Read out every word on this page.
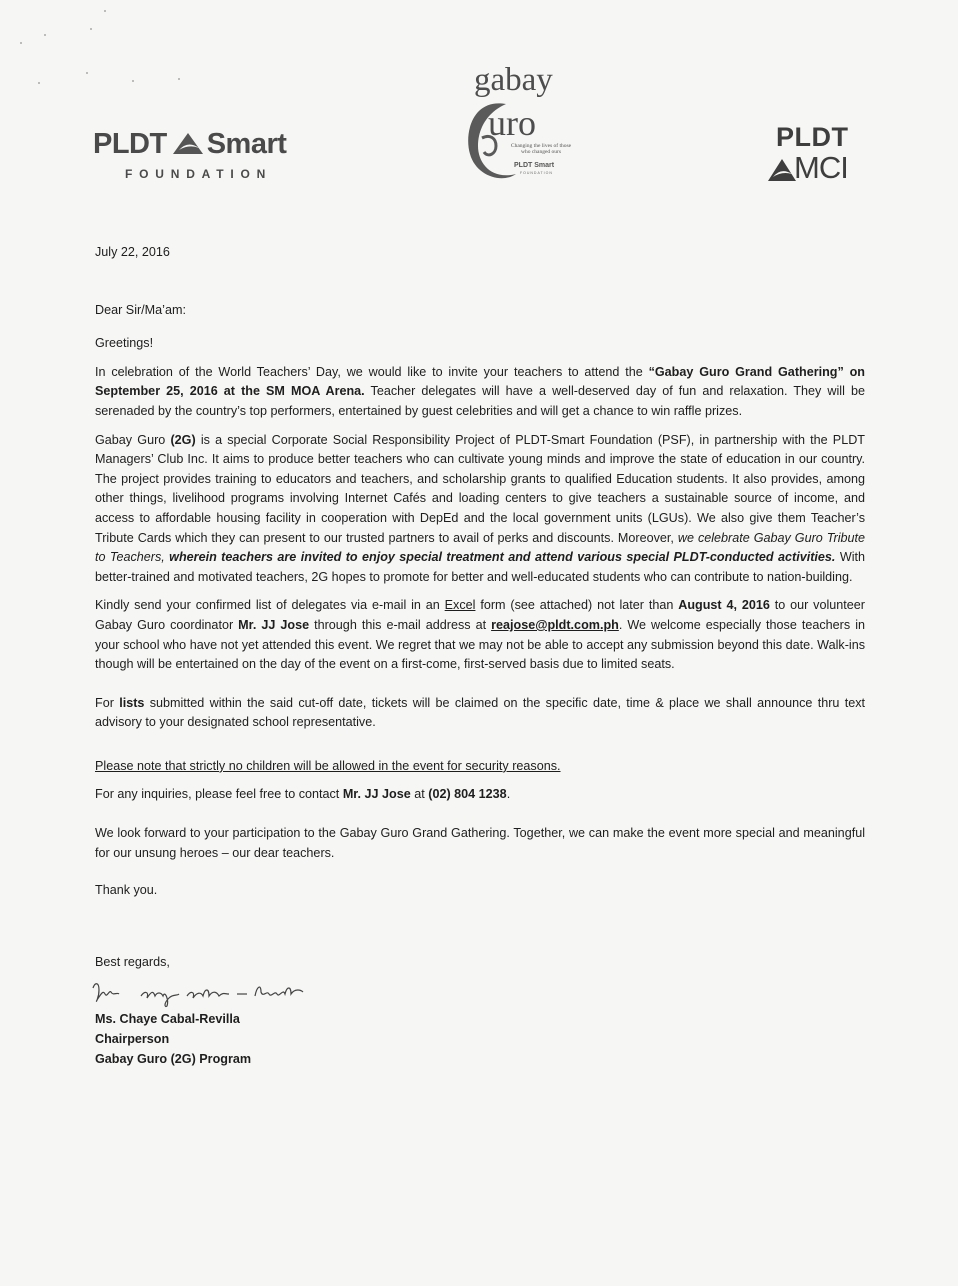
PLDT Smart
FOUNDATION
gabay
uro
Changing the lives of those who changed ours
PLDT Smart
FOUNDATION
PLDT
MCI

July 22, 2016

Dear Sir/Ma’am:

Greetings!

In celebration of the World Teachers’ Day, we would like to invite your teachers to attend the “Gabay Guro Grand Gathering” on September 25, 2016 at the SM MOA Arena. Teacher delegates will have a well-deserved day of fun and relaxation. They will be serenaded by the country’s top performers, entertained by guest celebrities and will get a chance to win raffle prizes.

Gabay Guro (2G) is a special Corporate Social Responsibility Project of PLDT-Smart Foundation (PSF), in partnership with the PLDT Managers’ Club Inc. It aims to produce better teachers who can cultivate young minds and improve the state of education in our country. The project provides training to educators and teachers, and scholarship grants to qualified Education students. It also provides, among other things, livelihood programs involving Internet Cafés and loading centers to give teachers a sustainable source of income, and access to affordable housing facility in cooperation with DepEd and the local government units (LGUs). We also give them Teacher’s Tribute Cards which they can present to our trusted partners to avail of perks and discounts. Moreover, we celebrate Gabay Guro Tribute to Teachers, wherein teachers are invited to enjoy special treatment and attend various special PLDT-conducted activities. With better-trained and motivated teachers, 2G hopes to promote for better and well-educated students who can contribute to nation-building.

Kindly send your confirmed list of delegates via e-mail in an Excel form (see attached) not later than August 4, 2016 to our volunteer Gabay Guro coordinator Mr. JJ Jose through this e-mail address at reajose@pldt.com.ph. We welcome especially those teachers in your school who have not yet attended this event. We regret that we may not be able to accept any submission beyond this date. Walk-ins though will be entertained on the day of the event on a first-come, first-served basis due to limited seats.

For lists submitted within the said cut-off date, tickets will be claimed on the specific date, time & place we shall announce thru text advisory to your designated school representative.

Please note that strictly no children will be allowed in the event for security reasons.

For any inquiries, please feel free to contact Mr. JJ Jose at (02) 804 1238.

We look forward to your participation to the Gabay Guro Grand Gathering. Together, we can make the event more special and meaningful for our unsung heroes – our dear teachers.

Thank you.

Best regards,

Ms. Chaye Cabal-Revilla
Chairperson
Gabay Guro (2G) Program
